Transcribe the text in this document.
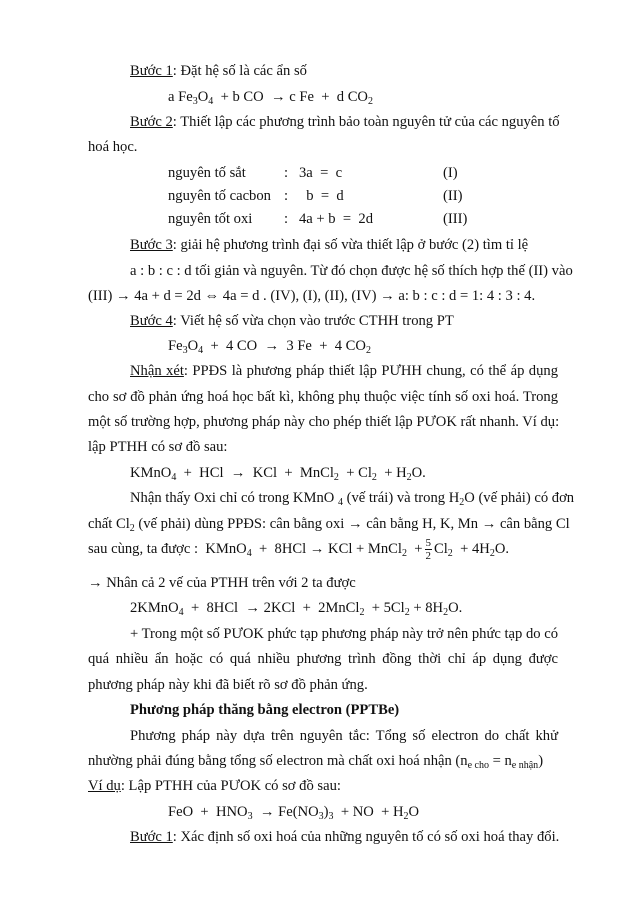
Bước 1: Đặt hệ số là các ẩn số
a $Fe_3O_4 + b$ CO  → c Fe  +  d $CO_2$
Bước 2: Thiết lập các phương trình bảo toàn nguyên tử của các nguyên tố
hoá học.
nguyên tố sắt	:   3a  =  c	(I)
nguyên tố cacbon :     b  =  d	(II)
nguyên tốt oxi :   4a + b  =  2d	(III)
Bước 3: giải hệ phương trình đại số vừa thiết lập ở bước (2) tìm tỉ lệ
a : b : c : d tối giản và nguyên. Từ đó chọn được hệ số thích hợp thế (II) vào
(III) → 4a + d = 2d ⇔ 4a = d . (IV), (I), (II), (IV) → a: b : c : d = 1: 4 : 3 : 4.
Bước 4: Viết hệ số vừa chọn vào trước CTHH trong PT
$Fe_3O_4 + 4$ CO  →  3 Fe  +  4 $CO_2$
Nhận xét: PPĐS là phương pháp thiết lập PƯHH chung, có thể áp dụng
cho sơ đồ phản ứng hoá học bất kì, không phụ thuộc việc tính số oxi hoá. Trong
một số trường hợp, phương pháp này cho phép thiết lập PƯOK rất nhanh. Ví dụ:
lập PTHH có sơ đồ sau:
KMnO$_4$  +  HCl  →  KCl  +  MnCl$_2$  + $Cl_2 + H_2O$.
Nhận thấy Oxi chỉ có trong KMnO $_4$ (vế trái) và trong $H_2O$ (vế phải) có đơn
chất $Cl_2$ (vế phải) dùng PPĐS: cân bằng oxi → cân bằng H, K, Mn → cân bằng Cl
sau cùng, ta được :  KMnO$_4$  +  8HCl → KCl + MnCl$_2$  + $\frac{5}{2} Cl_2 + 4H_2O$.
→ Nhân cả 2 vế của PTHH trên với 2 ta được
2KMnO$_4$  +  8HCl  → 2KCl  +  2MnCl$_2$  + $5Cl_2 + 8H_2O$.
+ Trong một số PƯOK phức tạp phương pháp này trở nên phức tạp do có
quá nhiều ẩn hoặc có quá nhiều phương trình đồng thời chỉ áp dụng được
phương pháp này khi đã biết rõ sơ đồ phản ứng.
Phương pháp thăng bằng electron (PPTBe)
Phương pháp này dựa trên nguyên tắc: Tổng số electron do chất khử
nhường phải đúng bằng tổng số electron mà chất oxi hoá nhận $(n_{e cho} = n_{e nhận})$
Ví dụ: Lập PTHH của PƯOK có sơ đồ sau:
FeO  +  $HNO_3 \to Fe(NO_3)_3$  + NO  + $H_2O$
Bước 1: Xác định số oxi hoá của những nguyên tố có số oxi hoá thay đổi.
